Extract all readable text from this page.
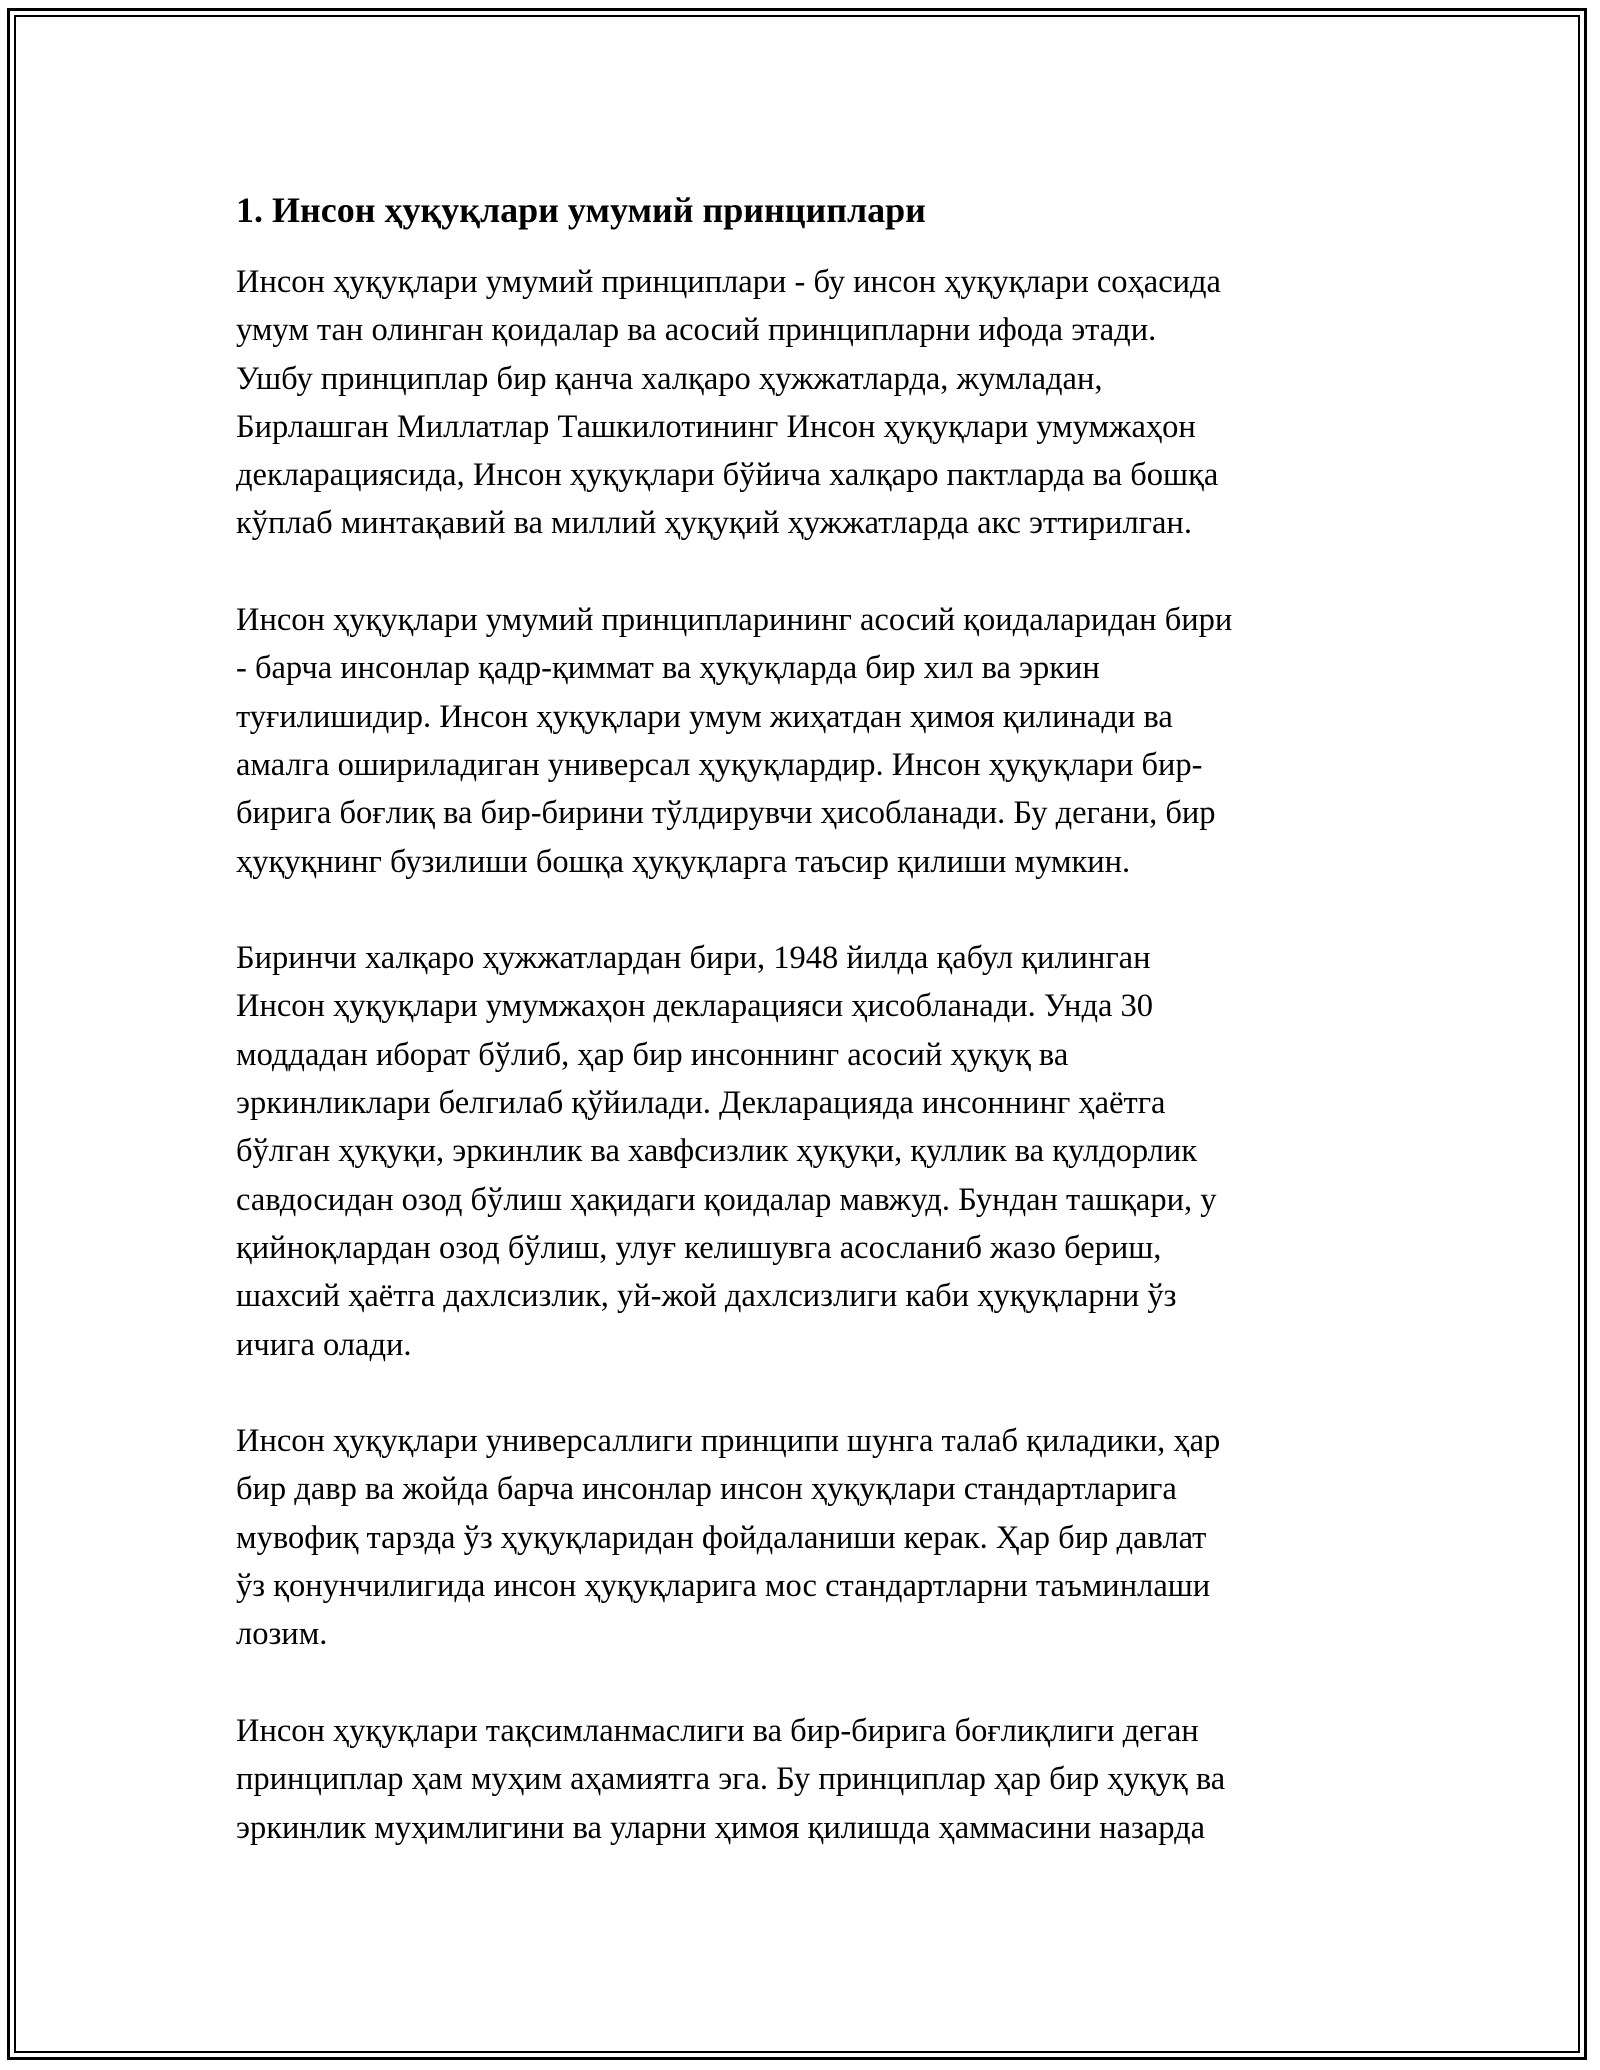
1. Инсон ҳуқуқлари умумий принциплари
Инсон ҳуқуқлари умумий принциплари - бу инсон ҳуқуқлари соҳасида
умум тан олинган қоидалар ва асосий принципларни ифода этади.
Ушбу принциплар бир қанча халқаро ҳужжатларда, жумладан,
Бирлашган Миллатлар Ташкилотининг Инсон ҳуқуқлари умумжаҳон
декларациясида, Инсон ҳуқуқлари бўйича халқаро пактларда ва бошқа
кўплаб минтақавий ва миллий ҳуқуқий ҳужжатларда акс эттирилган.
Инсон ҳуқуқлари умумий принципларининг асосий қоидаларидан бири
- барча инсонлар қадр-қиммат ва ҳуқуқларда бир хил ва эркин
туғилишидир. Инсон ҳуқуқлари умум жиҳатдан ҳимоя қилинади ва
амалга ошириладиган универсал ҳуқуқлардир. Инсон ҳуқуқлари бир-
бирига боғлиқ ва бир-бирини тўлдирувчи ҳисобланади. Бу дегани, бир
ҳуқуқнинг бузилиши бошқа ҳуқуқларга таъсир қилиши мумкин.
Биринчи халқаро ҳужжатлардан бири, 1948 йилда қабул қилинган
Инсон ҳуқуқлари умумжаҳон декларацияси ҳисобланади. Унда 30
моддадан иборат бўлиб, ҳар бир инсоннинг асосий ҳуқуқ ва
эркинликлари белгилаб қўйилади. Декларацияда инсоннинг ҳаётга
бўлган ҳуқуқи, эркинлик ва хавфсизлик ҳуқуқи, қуллик ва қулдорлик
савдосидан озод бўлиш ҳақидаги қоидалар мавжуд. Бундан ташқари, у
қийноқлардан озод бўлиш, улуғ келишувга асосланиб жазо бериш,
шахсий ҳаётга дахлсизлик, уй-жой дахлсизлиги каби ҳуқуқларни ўз
ичига олади.
Инсон ҳуқуқлари универсаллиги принципи шунга талаб қиладики, ҳар
бир давр ва жойда барча инсонлар инсон ҳуқуқлари стандартларига
мувофиқ тарзда ўз ҳуқуқларидан фойдаланиши керак. Ҳар бир давлат
ўз қонунчилигида инсон ҳуқуқларига мос стандартларни таъминлаши
лозим.
Инсон ҳуқуқлари тақсимланмаслиги ва бир-бирига боғлиқлиги деган
принциплар ҳам муҳим аҳамиятга эга. Бу принциплар ҳар бир ҳуқуқ ва
эркинлик муҳимлигини ва уларни ҳимоя қилишда ҳаммасини назарда
